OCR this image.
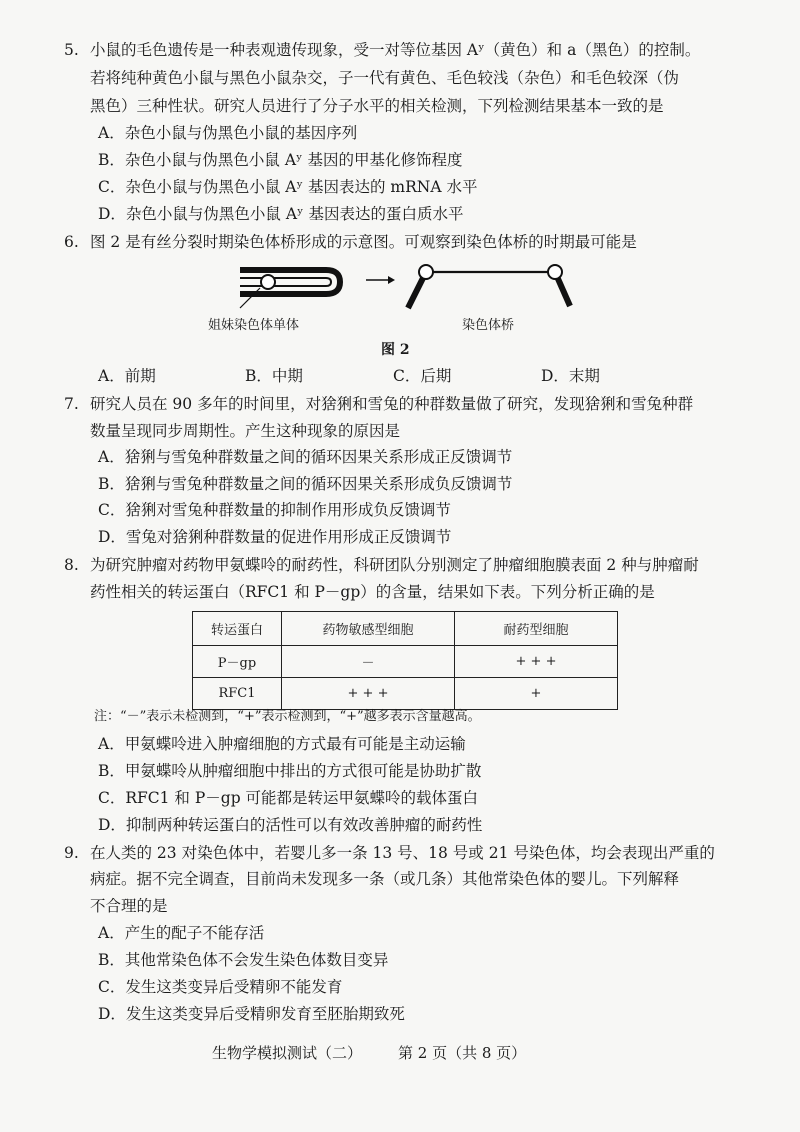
5. 小鼠的毛色遗传是一种表观遗传现象，受一对等位基因 Aʸ（黄色）和 a（黑色）的控制。
若将纯种黄色小鼠与黑色小鼠杂交，子一代有黄色、毛色较浅（杂色）和毛色较深（伪
黑色）三种性状。研究人员进行了分子水平的相关检测，下列检测结果基本一致的是
A．杂色小鼠与伪黑色小鼠的基因序列
B．杂色小鼠与伪黑色小鼠 Aʸ 基因的甲基化修饰程度
C．杂色小鼠与伪黑色小鼠 Aʸ 基因表达的 mRNA 水平
D．杂色小鼠与伪黑色小鼠 Aʸ 基因表达的蛋白质水平
6. 图 2 是有丝分裂时期染色体桥形成的示意图。可观察到染色体桥的时期最可能是
姐妹染色体单体	染色体桥
图 2
A．前期	B．中期	C．后期	D．末期
7. 研究人员在 90 多年的时间里，对猞猁和雪兔的种群数量做了研究，发现猞猁和雪兔种群
数量呈现同步周期性。产生这种现象的原因是
A．猞猁与雪兔种群数量之间的循环因果关系形成正反馈调节
B．猞猁与雪兔种群数量之间的循环因果关系形成负反馈调节
C．猞猁对雪兔种群数量的抑制作用形成负反馈调节
D．雪兔对猞猁种群数量的促进作用形成正反馈调节
8. 为研究肿瘤对药物甲氨蝶呤的耐药性，科研团队分别测定了肿瘤细胞膜表面 2 种与肿瘤耐
药性相关的转运蛋白（RFC1 和 P－gp）的含量，结果如下表。下列分析正确的是
转运蛋白	药物敏感型细胞	耐药型细胞
P－gp	－	+ + +
RFC1	+ + +	+
注：“－”表示未检测到，“+”表示检测到，“+”越多表示含量越高。
A．甲氨蝶呤进入肿瘤细胞的方式最有可能是主动运输
B．甲氨蝶呤从肿瘤细胞中排出的方式很可能是协助扩散
C．RFC1 和 P－gp 可能都是转运甲氨蝶呤的载体蛋白
D．抑制两种转运蛋白的活性可以有效改善肿瘤的耐药性
9. 在人类的 23 对染色体中，若婴儿多一条 13 号、18 号或 21 号染色体，均会表现出严重的
病症。据不完全调查，目前尚未发现多一条（或几条）其他常染色体的婴儿。下列解释
不合理的是
A．产生的配子不能存活
B．其他常染色体不会发生染色体数目变异
C．发生这类变异后受精卵不能发育
D．发生这类变异后受精卵发育至胚胎期致死
生物学模拟测试（二） 第 2 页（共 8 页）
